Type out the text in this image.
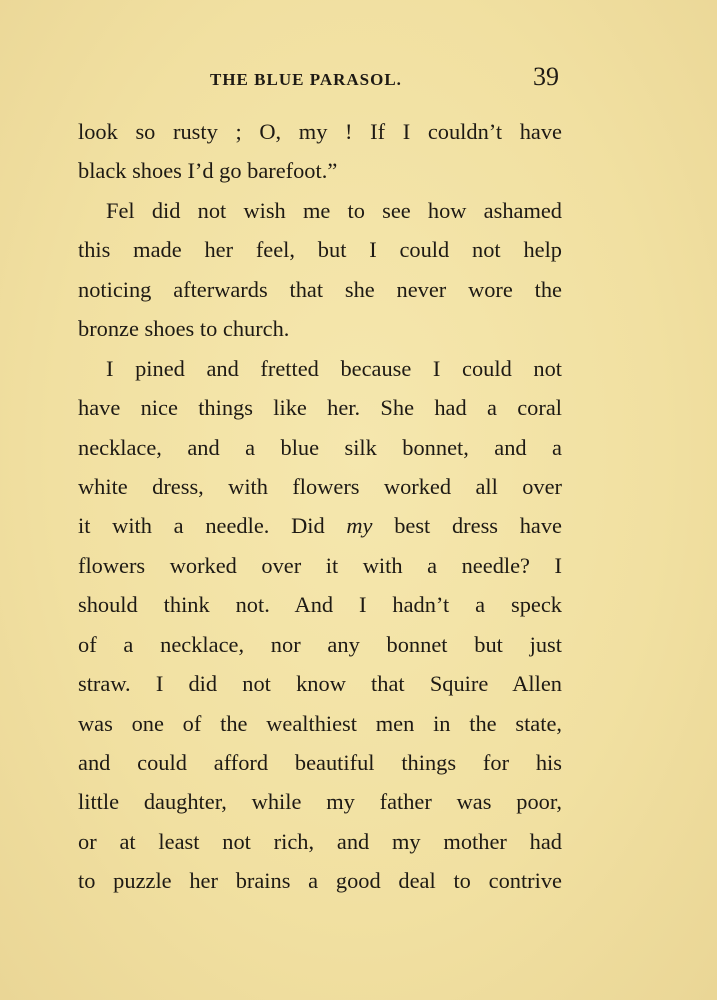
THE BLUE PARASOL.	39
look so rusty ; O, my ! If I couldn’t have
black shoes I’d go barefoot.”
Fel did not wish me to see how ashamed
this made her feel, but I could not help
noticing afterwards that she never wore the
bronze shoes to church.
I pined and fretted because I could not
have nice things like her. She had a coral
necklace, and a blue silk bonnet, and a
white dress, with flowers worked all over
it with a needle. Did my best dress have
flowers worked over it with a needle? I
should think not. And I hadn’t a speck
of a necklace, nor any bonnet but just
straw. I did not know that Squire Allen
was one of the wealthiest men in the state,
and could afford beautiful things for his
little daughter, while my father was poor,
or at least not rich, and my mother had
to puzzle her brains a good deal to contrive
